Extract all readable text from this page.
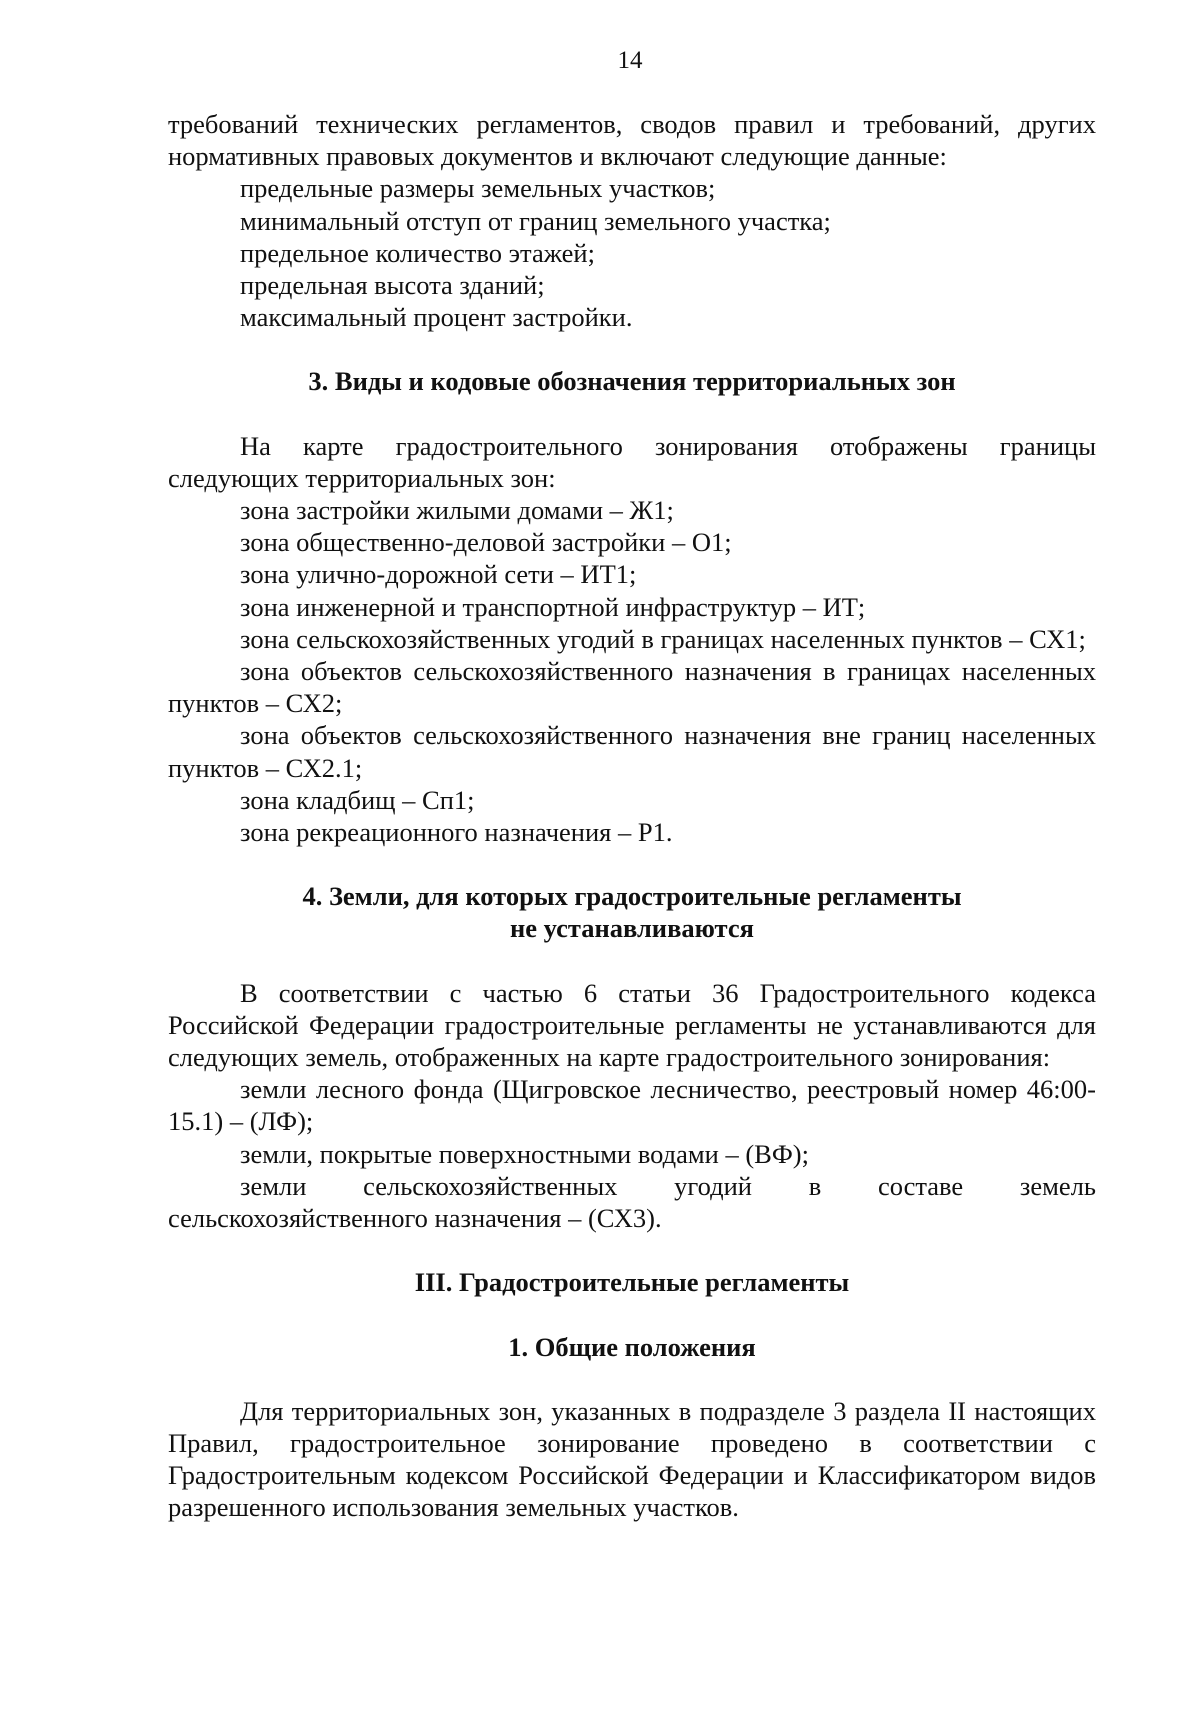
14

требований технических регламентов, сводов правил и требований, других нормативных правовых документов и включают следующие данные:

предельные размеры земельных участков;

минимальный отступ от границ земельного участка;

предельное количество этажей;

предельная высота зданий;

максимальный процент застройки.

3. Виды и кодовые обозначения территориальных зон

На карте градостроительного зонирования отображены границы следующих территориальных зон:

зона застройки жилыми домами – Ж1;

зона общественно-деловой застройки – О1;

зона улично-дорожной сети – ИТ1;

зона инженерной и транспортной инфраструктур – ИТ;

зона сельскохозяйственных угодий в границах населенных пунктов – СХ1;

зона объектов сельскохозяйственного назначения в границах населенных пунктов – СХ2;

зона объектов сельскохозяйственного назначения вне границ населенных пунктов – СХ2.1;

зона кладбищ – Сп1;

зона рекреационного назначения – Р1.

4. Земли, для которых градостроительные регламенты

не устанавливаются

В соответствии с частью 6 статьи 36 Градостроительного кодекса Российской Федерации градостроительные регламенты не устанавливаются для следующих земель, отображенных на карте градостроительного зонирования:

земли лесного фонда (Щигровское лесничество, реестровый номер 46:00-15.1) – (ЛФ);

земли, покрытые поверхностными водами – (ВФ);

земли сельскохозяйственных угодий в составе земель сельскохозяйственного назначения – (СХ3).

III. Градостроительные регламенты

1. Общие положения

Для территориальных зон, указанных в подразделе 3 раздела II настоящих Правил, градостроительное зонирование проведено в соответствии с Градостроительным кодексом Российской Федерации и Классификатором видов разрешенного использования земельных участков.
